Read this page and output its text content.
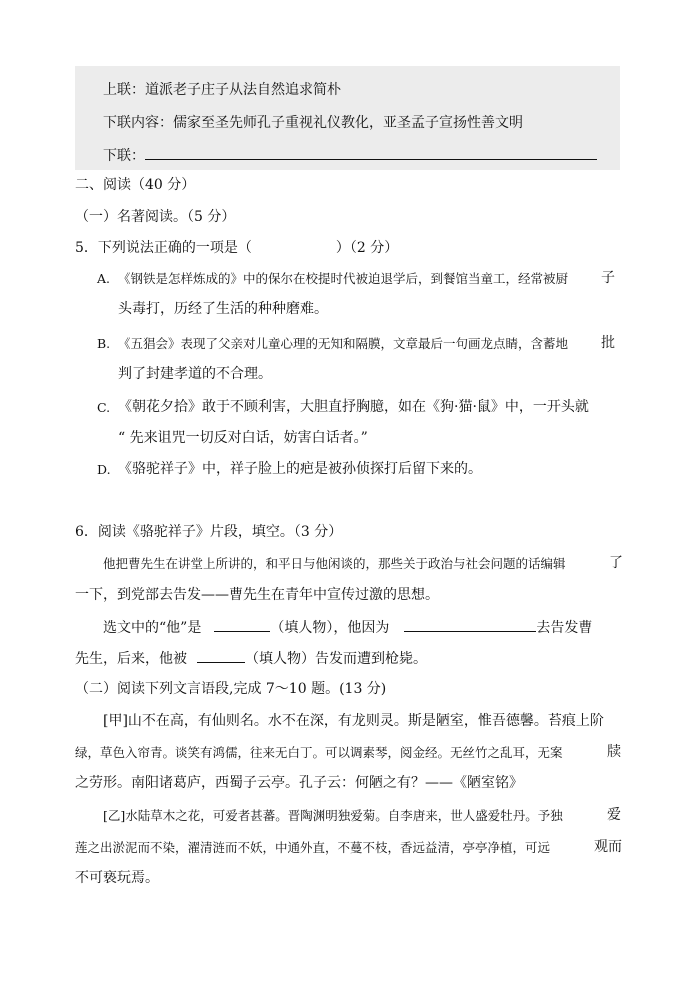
上联：道派老子庄子从法自然追求简朴
下联内容：儒家至圣先师孔子重视礼仪教化，亚圣孟子宣扬性善文明
下联：
二、阅读（40 分）
（一）名著阅读。（5 分）
5．下列说法正确的一项是（	）（2 分）
A. 《钢铁是怎样炼成的》中的保尔在校提时代被迫退学后，到餐馆当童工，经常被厨 子
头毒打，历经了生活的种种磨难。
B. 《五猖会》表现了父亲对儿童心理的无知和隔膜，文章最后一句画龙点睛，含蓄地 批
判了封建孝道的不合理。
C. 《朝花夕拾》敢于不顾利害，大胆直抒胸臆，如在《狗·猫·鼠》中，一开头就
“ 先来诅咒一切反对白话，妨害白话者。”
D. 《骆驼祥子》中，祥子脸上的疤是被孙侦探打后留下来的。
6．阅读《骆驼祥子》片段，填空。（3 分）
他把曹先生在讲堂上所讲的，和平日与他闲谈的，那些关于政治与社会问题的话编辑	了
一下，到党部去告发——曹先生在青年中宣传过激的思想。
选文中的“他”是	（填人物），他因为	去告发曹
先生，后来，他被	（填人物）告发而遭到枪毙。
（二）阅读下列文言语段,完成 7～10 题。(13 分)
[甲]山不在高，有仙则名。水不在深，有龙则灵。斯是陋室，惟吾德馨。苔痕上阶
绿，草色入帘青。谈笑有鸿儒，往来无白丁。可以调素琴，阅金经。无丝竹之乱耳，无案	牍
之劳形。南阳诸葛庐，西蜀子云亭。孔子云：何陋之有？——《陋室铭》
[乙]水陆草木之花，可爱者甚蕃。晋陶渊明独爱菊。自李唐来，世人盛爱牡丹。予独	爱
莲之出淤泥而不染，濯清涟而不妖，中通外直，不蔓不枝，香远益清，亭亭净植，可远	观而
不可亵玩焉。
